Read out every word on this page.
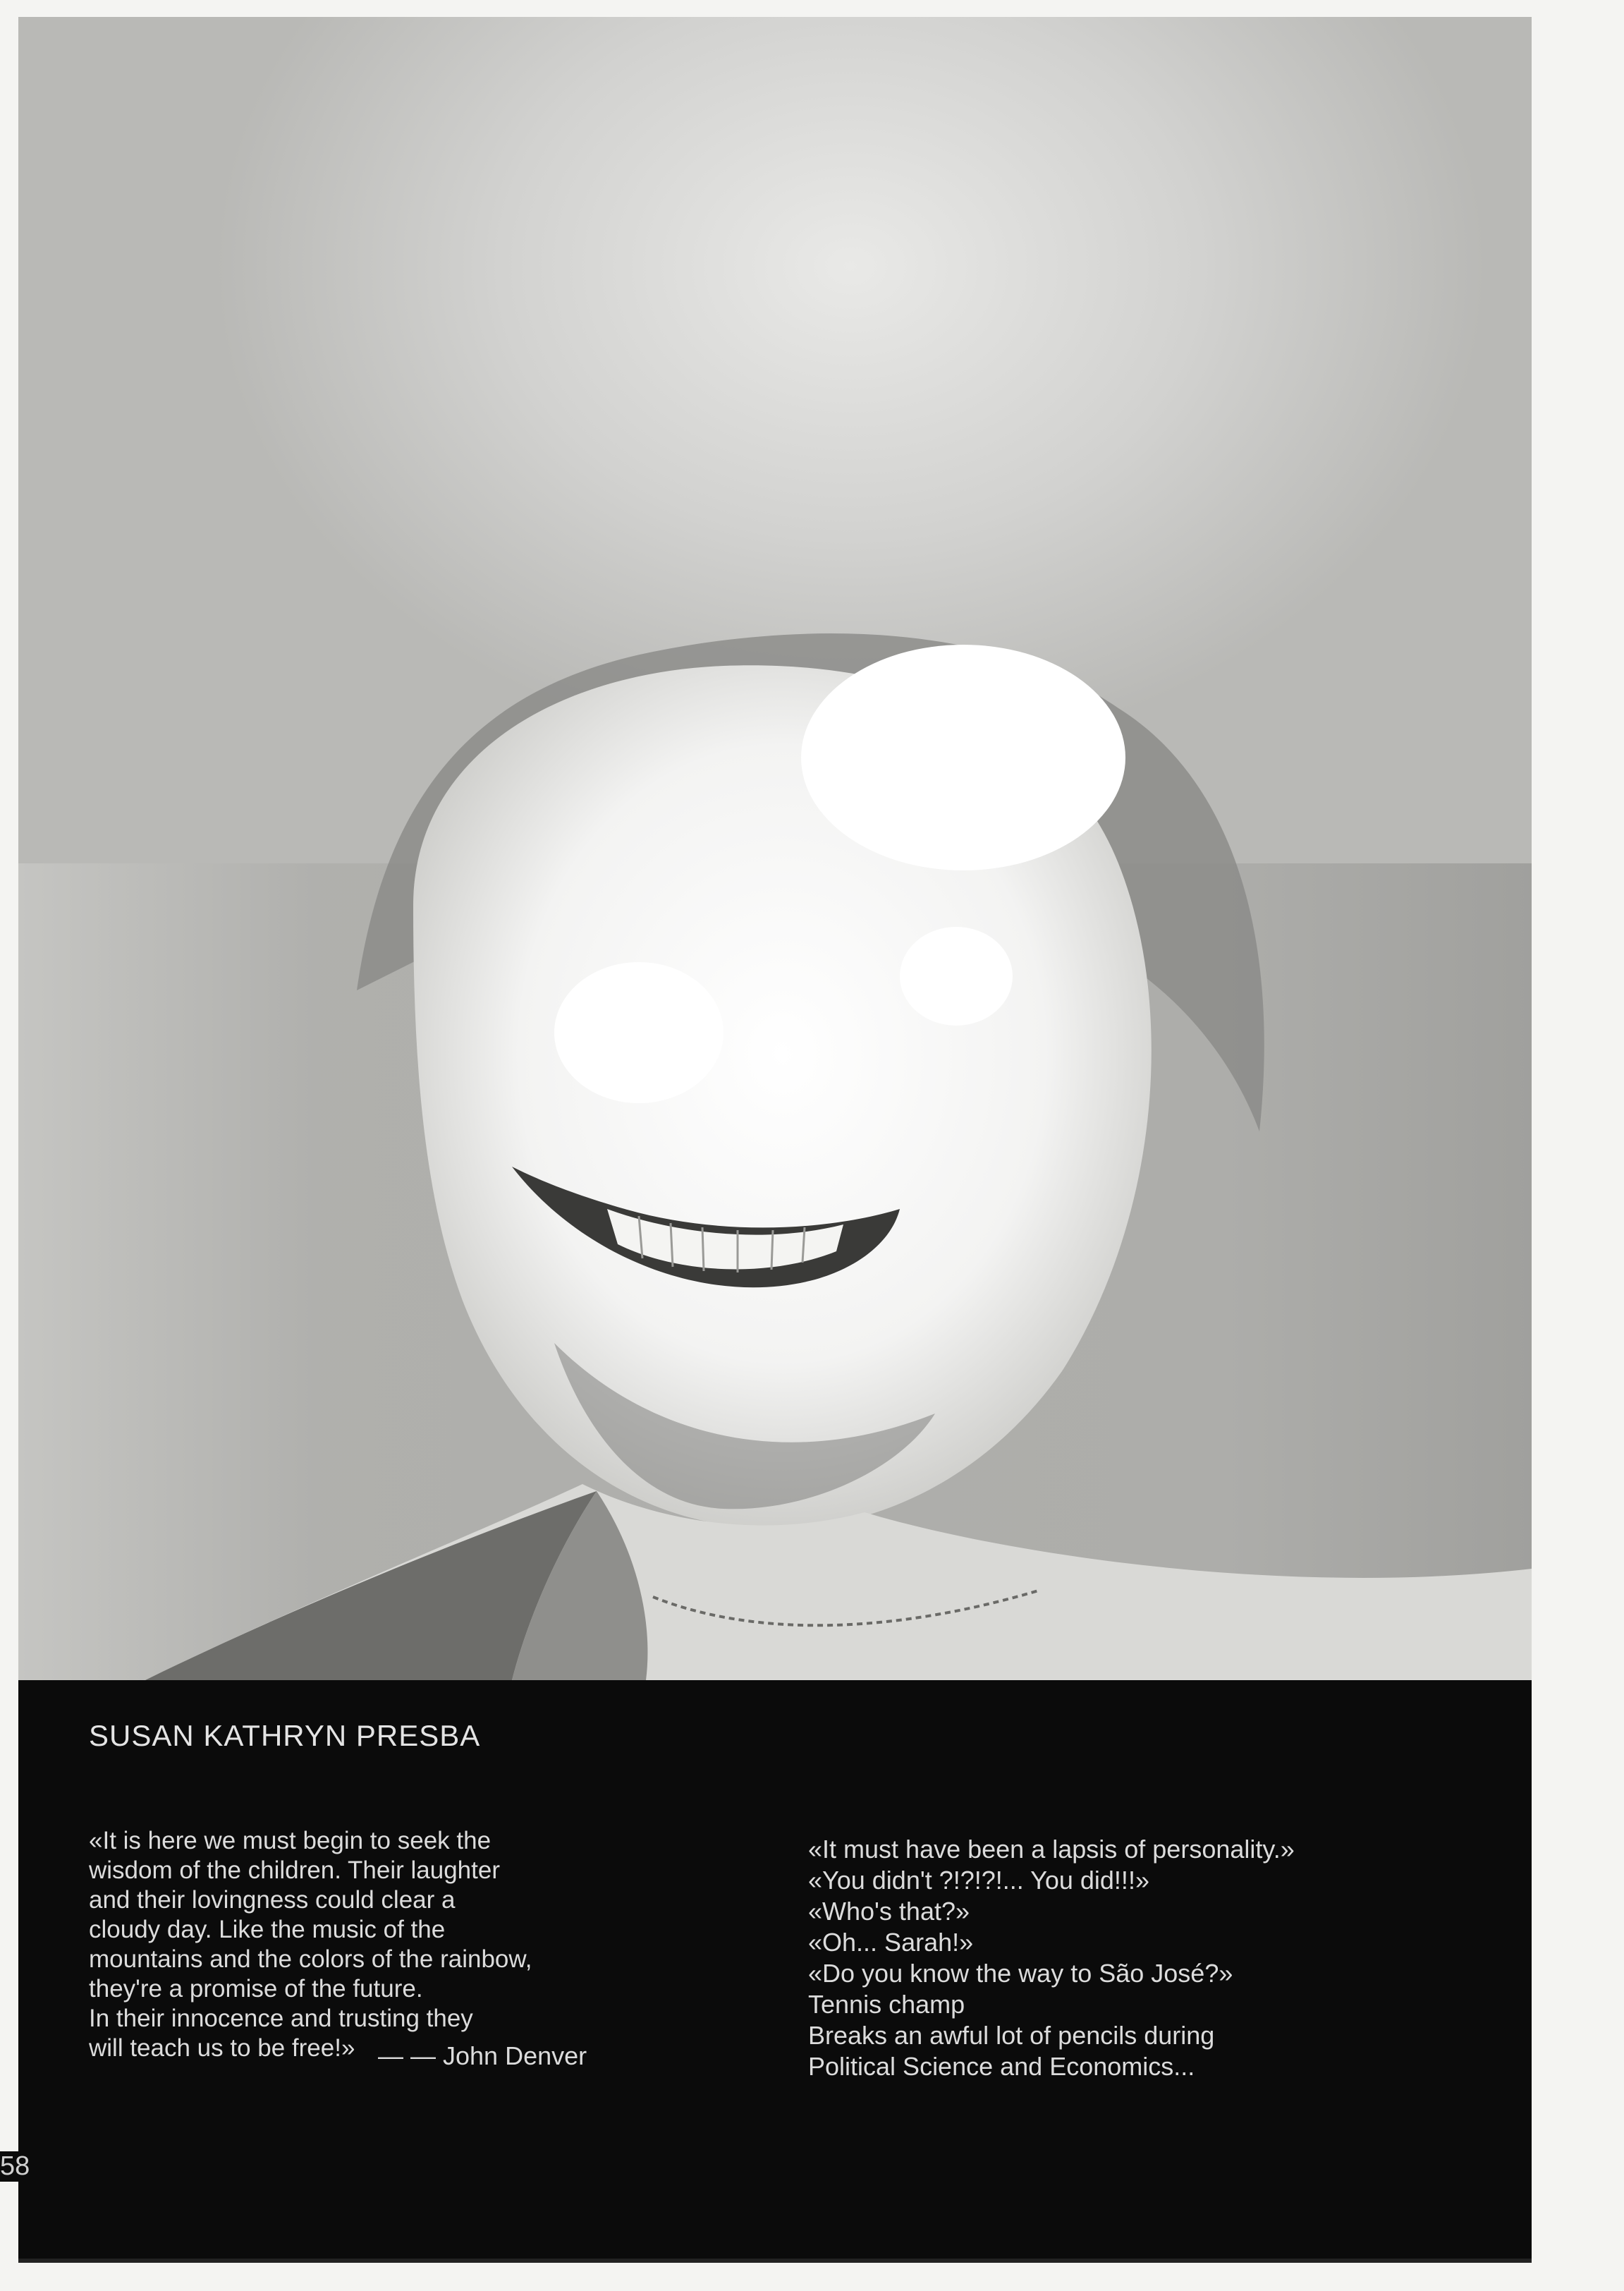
SUSAN KATHRYN PRESBA
«It is here we must begin to seek the
wisdom of the children. Their laughter
and their lovingness could clear a
cloudy day. Like the music of the
mountains and the colors of the rainbow,
they're a promise of the future.
In their innocence and trusting they
will teach us to be free!» — — John Denver
«It must have been a lapsis of personality.»
«You didn't ?!?!?!... You did!!!»
«Who's that?»
«Oh... Sarah!»
«Do you know the way to São José?»
Tennis champ
Breaks an awful lot of pencils during
Political Science and Economics...
58
